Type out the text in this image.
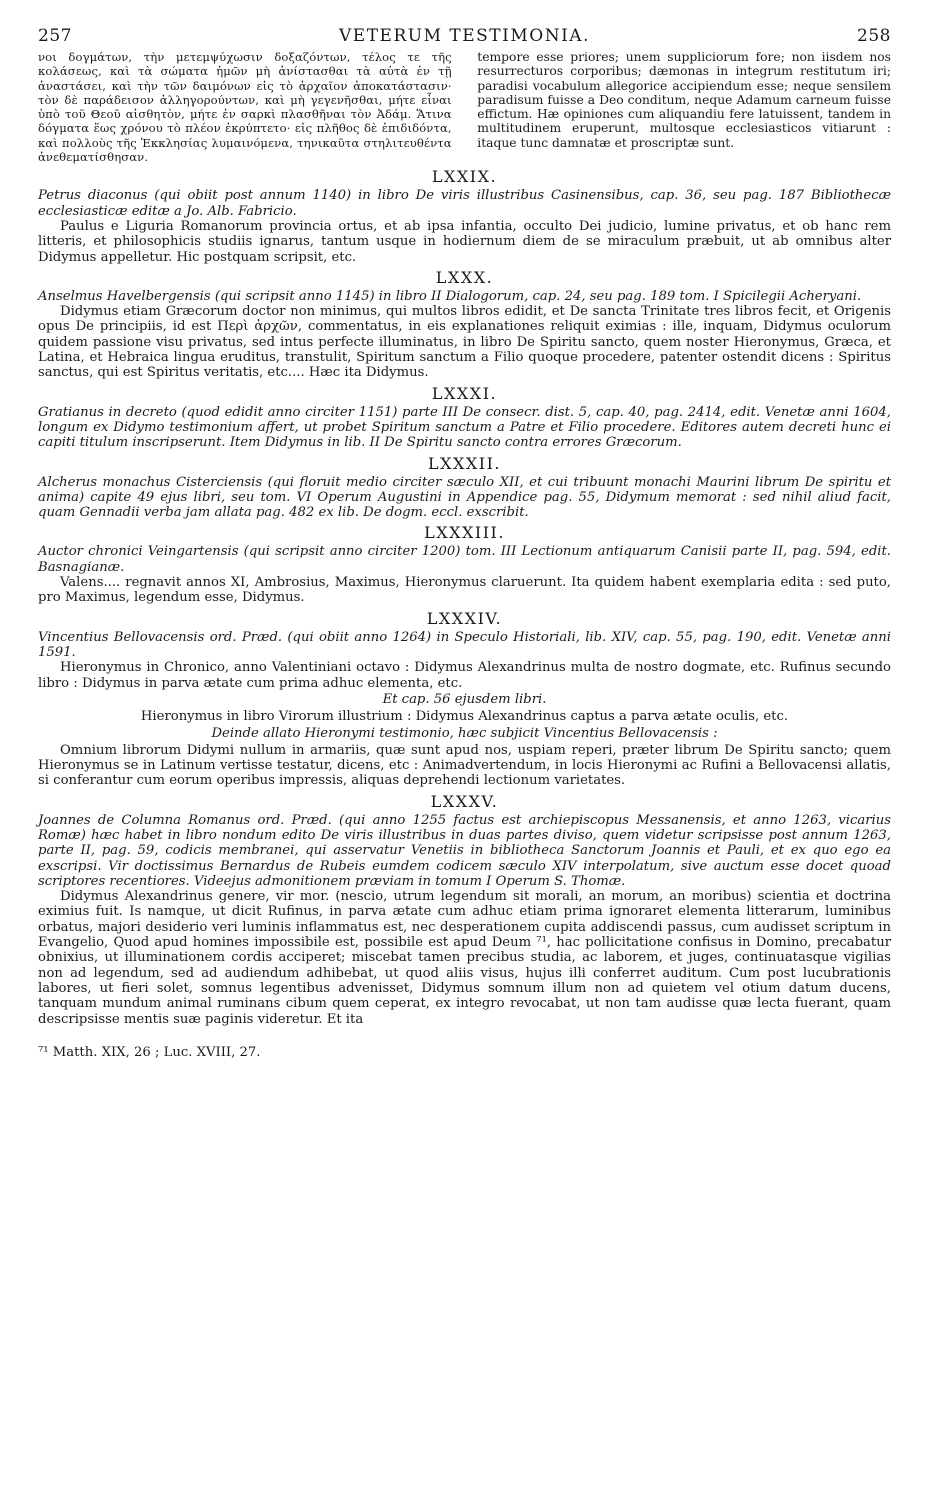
257	VETERUM TESTIMONIA.	258
νοι δογμάτων, τὴν μετεμψύχωσιν δοξαζόντων, τέλος τε τῆς κολάσεως, καὶ τὰ σώματα ἡμῶν μὴ ἀνίστασθαι τὰ αὐτὰ ἐν τῇ ἀναστάσει, καὶ τὴν τῶν δαιμόνων εἰς τὸ ἀρχαῖον ἀποκατάστασιν· τὸν δὲ παράδεισον ἀλληγορούντων, καὶ μὴ γεγενῆσθαι, μήτε εἶναι ὑπὸ τοῦ Θεοῦ αἰσθητὸν, μήτε ἐν σαρκὶ πλασθῆναι τὸν Ἀδάμ. Ἅτινα δόγματα ἕως χρόνου τὸ πλέον ἐκρύπτετο· εἰς πλῆθος δὲ ἐπιδιδόντα, καὶ πολλοὺς τῆς Ἐκκλησίας λυμαινόμενα, τηνικαῦτα στηλιτευθέντα ἀνεθεματίσθησαν.
tempore esse priores; unem suppliciorum fore; non iisdem nos resurrecturos corporibus; dæmonas in integrum restitutum iri; paradisi vocabulum allegorice accipiendum esse; neque sensilem paradisum fuisse a Deo conditum, neque Adamum carneum fuisse effictum. Hæ opiniones cum aliquandiu fere latuissent, tandem in multitudinem eruperunt, multosque ecclesiasticos vitiarunt : itaque tunc damnatæ et proscriptæ sunt.
LXXIX.

Petrus diaconus (qui obiit post annum 1140) in libro De viris illustribus Casinensibus, cap. 36, seu pag. 187 Bibliothecæ ecclesiasticæ editæ a Jo. Alb. Fabricio.

Paulus e Liguria Romanorum provincia ortus, et ab ipsa infantia, occulto Dei judicio, lumine privatus, et ob hanc rem litteris, et philosophicis studiis ignarus, tantum usque in hodiernum diem de se miraculum præbuit, ut ab omnibus alter Didymus appelletur. Hic postquam scripsit, etc.

LXXX.

Anselmus Havelbergensis (qui scripsit anno 1145) in libro II Dialogorum, cap. 24, seu pag. 189 tom. I Spicilegii Acheryani.

Didymus etiam Græcorum doctor non minimus, qui multos libros edidit, et De sancta Trinitate tres libros fecit, et Origenis opus De principiis, id est Περὶ ἀρχῶν, commentatus, in eis explanationes reliquit eximias : ille, inquam, Didymus oculorum quidem passione visu privatus, sed intus perfecte illuminatus, in libro De Spiritu sancto, quem noster Hieronymus, Græca, et Latina, et Hebraica lingua eruditus, transtulit, Spiritum sanctum a Filio quoque procedere, patenter ostendit dicens : Spiritus sanctus, qui est Spiritus veritatis, etc.... Hæc ita Didymus.

LXXXI.

Gratianus in decreto (quod edidit anno circiter 1151) parte III De consecr. dist. 5, cap. 40, pag. 2414, edit. Venetæ anni 1604, longum ex Didymo testimonium affert, ut probet Spiritum sanctum a Patre et Filio procedere. Editores autem decreti hunc ei capiti titulum inscripserunt. Item Didymus in lib. II De Spiritu sancto contra errores Græcorum.

LXXXII.

Alcherus monachus Cisterciensis (qui floruit medio circiter sæculo XII, et cui tribuunt monachi Maurini librum De spiritu et anima) capite 49 ejus libri, seu tom. VI Operum Augustini in Appendice pag. 55, Didymum memorat : sed nihil aliud facit, quam Gennadii verba jam allata pag. 482 ex lib. De dogm. eccl. exscribit.

LXXXIII.

Auctor chronici Veingartensis (qui scripsit anno circiter 1200) tom. III Lectionum antiquarum Canisii parte II, pag. 594, edit. Basnagianæ.

Valens.... regnavit annos XI, Ambrosius, Maximus, Hieronymus claruerunt. Ita quidem habent exemplaria edita : sed puto, pro Maximus, legendum esse, Didymus.

LXXXIV.

Vincentius Bellovacensis ord. Præd. (qui obiit anno 1264) in Speculo Historiali, lib. XIV, cap. 55, pag. 190, edit. Venetæ anni 1591.

Hieronymus in Chronico, anno Valentiniani octavo : Didymus Alexandrinus multa de nostro dogmate, etc. Rufinus secundo libro : Didymus in parva ætate cum prima adhuc elementa, etc.

Et cap. 56 ejusdem libri.
Hieronymus in libro Virorum illustrium : Didymus Alexandrinus captus a parva ætate oculis, etc.
Deinde allato Hieronymi testimonio, hæc subjicit Vincentius Bellovacensis :

Omnium librorum Didymi nullum in armariis, quæ sunt apud nos, uspiam reperi, præter librum De Spiritu sancto; quem Hieronymus se in Latinum vertisse testatur, dicens, etc : Animadvertendum, in locis Hieronymi ac Rufini a Bellovacensi allatis, si conferantur cum eorum operibus impressis, aliquas deprehendi lectionum varietates.

LXXXV.

Joannes de Columna Romanus ord. Præd. (qui anno 1255 factus est archiepiscopus Messanensis, et anno 1263, vicarius Romæ) hæc habet in libro nondum edito De viris illustribus in duas partes diviso, quem videtur scripsisse post annum 1263, parte II, pag. 59, codicis membranei, qui asservatur Venetiis in bibliotheca Sanctorum Joannis et Pauli, et ex quo ego ea exscripsi. Vir doctissimus Bernardus de Rubeis eumdem codicem sæculo XIV interpolatum, sive auctum esse docet quoad scriptores recentiores. Videejus admonitionem præviam in tomum I Operum S. Thomæ.

Didymus Alexandrinus genere, vir mor. (nescio, utrum legendum sit morali, an morum, an moribus) scientia et doctrina eximius fuit. Is namque, ut dicit Rufinus, in parva ætate cum adhuc etiam prima ignoraret elementa litterarum, luminibus orbatus, majori desiderio veri luminis inflammatus est, nec desperationem cupita addiscendi passus, cum audisset scriptum in Evangelio, Quod apud homines impossibile est, possibile est apud Deum ⁷¹, hac pollicitatione confisus in Domino, precabatur obnixius, ut illuminationem cordis acciperet; miscebat tamen precibus studia, ac laborem, et juges, continuatasque vigilias non ad legendum, sed ad audiendum adhibebat, ut quod aliis visus, hujus illi conferret auditum. Cum post lucubrationis labores, ut fieri solet, somnus legentibus advenisset, Didymus somnum illum non ad quietem vel otium datum ducens, tanquam mundum animal ruminans cibum quem ceperat, ex integro revocabat, ut non tam audisse quæ lecta fuerant, quam descripsisse mentis suæ paginis videretur. Et ita

⁷¹ Matth. XIX, 26 ; Luc. XVIII, 27.
